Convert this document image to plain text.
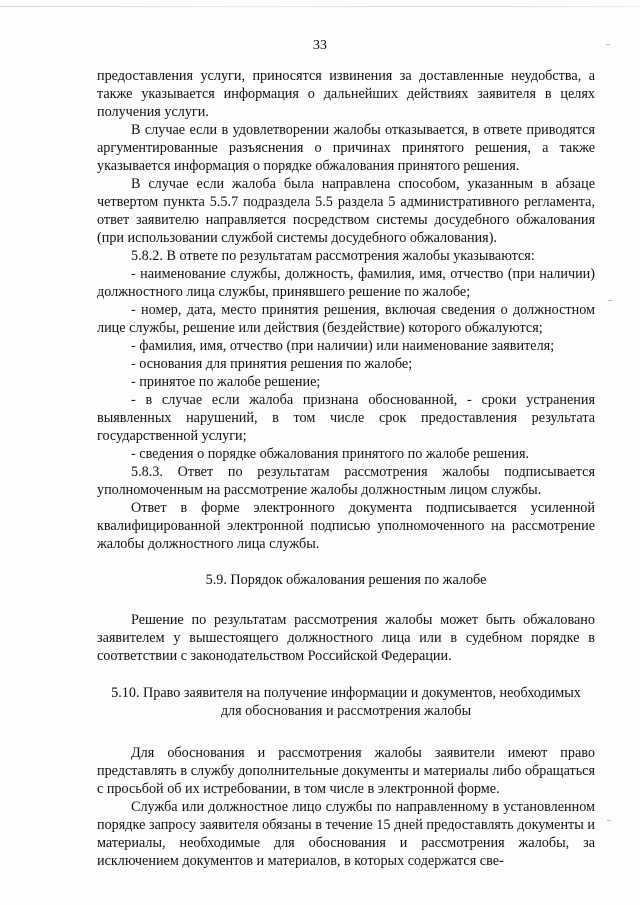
33

предоставления услуги, приносятся извинения за доставленные неудобства, а также указывается информация о дальнейших действиях заявителя в целях получения услуги.

В случае если в удовлетворении жалобы отказывается, в ответе приводятся аргументированные разъяснения о причинах принятого решения, а также указывается информация о порядке обжалования принятого решения.

В случае если жалоба была направлена способом, указанным в абзаце четвертом пункта 5.5.7 подраздела 5.5 раздела 5 административного регламента, ответ заявителю направляется посредством системы досудебного обжалования (при использовании службой системы досудебного обжалования).

5.8.2. В ответе по результатам рассмотрения жалобы указываются:

- наименование службы, должность, фамилия, имя, отчество (при наличии) должностного лица службы, принявшего решение по жалобе;

- номер, дата, место принятия решения, включая сведения о должностном лице службы, решение или действия (бездействие) которого обжалуются;

- фамилия, имя, отчество (при наличии) или наименование заявителя;

- основания для принятия решения по жалобе;

- принятое по жалобе решение;

- в случае если жалоба признана обоснованной, - сроки устранения выявленных нарушений, в том числе срок предоставления результата государственной услуги;

- сведения о порядке обжалования принятого по жалобе решения.

5.8.3. Ответ по результатам рассмотрения жалобы подписывается уполномоченным на рассмотрение жалобы должностным лицом службы.

Ответ в форме электронного документа подписывается усиленной квалифицированной электронной подписью уполномоченного на рассмотрение жалобы должностного лица службы.

5.9. Порядок обжалования решения по жалобе

Решение по результатам рассмотрения жалобы может быть обжаловано заявителем у вышестоящего должностного лица или в судебном порядке в соответствии с законодательством Российской Федерации.

5.10. Право заявителя на получение информации и документов, необходимых

для обоснования и рассмотрения жалобы

Для обоснования и рассмотрения жалобы заявители имеют право представлять в службу дополнительные документы и материалы либо обращаться с просьбой об их истребовании, в том числе в электронной форме.

Служба или должностное лицо службы по направленному в установленном порядке запросу заявителя обязаны в течение 15 дней предоставлять документы и материалы, необходимые для обоснования и рассмотрения жалобы, за исключением документов и материалов, в которых содержатся све-
